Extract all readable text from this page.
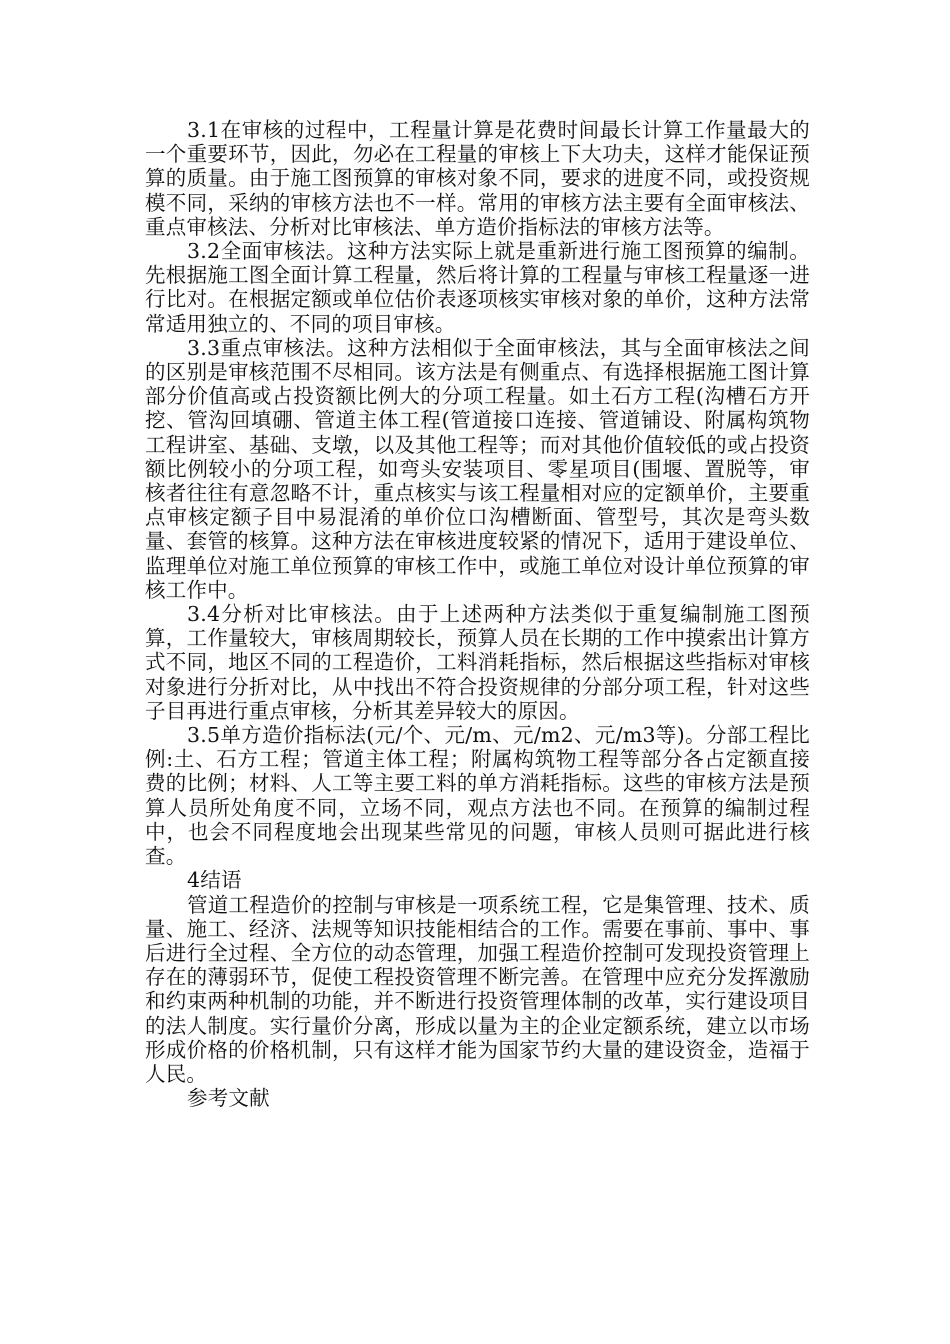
3.1在审核的过程中，工程量计算是花费时间最长计算工作量最大的一个重要环节，因此，勿必在工程量的审核上下大功夫，这样才能保证预算的质量。由于施工图预算的审核对象不同，要求的进度不同，或投资规模不同，采纳的审核方法也不一样。常用的审核方法主要有全面审核法、重点审核法、分析对比审核法、单方造价指标法的审核方法等。

3.2全面审核法。这种方法实际上就是重新进行施工图预算的编制。先根据施工图全面计算工程量，然后将计算的工程量与审核工程量逐一进行比对。在根据定额或单位估价表逐项核实审核对象的单价，这种方法常常适用独立的、不同的项目审核。

3.3重点审核法。这种方法相似于全面审核法，其与全面审核法之间的区别是审核范围不尽相同。该方法是有侧重点、有选择根据施工图计算部分价值高或占投资额比例大的分项工程量。如土石方工程(沟槽石方开挖、管沟回填硼、管道主体工程(管道接口连接、管道铺设、附属构筑物工程讲室、基础、支墩，以及其他工程等；而对其他价值较低的或占投资额比例较小的分项工程，如弯头安装项目、零星项目(围堰、置脱等，审核者往往有意忽略不计，重点核实与该工程量相对应的定额单价，主要重点审核定额子目中易混淆的单价位口沟槽断面、管型号，其次是弯头数量、套管的核算。这种方法在审核进度较紧的情况下，适用于建设单位、监理单位对施工单位预算的审核工作中，或施工单位对设计单位预算的审核工作中。

3.4分析对比审核法。由于上述两种方法类似于重复编制施工图预算，工作量较大，审核周期较长，预算人员在长期的工作中摸索出计算方式不同，地区不同的工程造价，工料消耗指标，然后根据这些指标对审核对象进行分折对比，从中找出不符合投资规律的分部分项工程，针对这些子目再进行重点审核，分析其差异较大的原因。

3.5单方造价指标法(元/个、元/m、元/m2、元/m3等)。分部工程比例:土、石方工程；管道主体工程；附属构筑物工程等部分各占定额直接费的比例；材料、人工等主要工料的单方消耗指标。这些的审核方法是预算人员所处角度不同，立场不同，观点方法也不同。在预算的编制过程中，也会不同程度地会出现某些常见的问题，审核人员则可据此进行核查。

4结语

管道工程造价的控制与审核是一项系统工程，它是集管理、技术、质量、施工、经济、法规等知识技能相结合的工作。需要在事前、事中、事后进行全过程、全方位的动态管理，加强工程造价控制可发现投资管理上存在的薄弱环节，促使工程投资管理不断完善。在管理中应充分发挥激励和约束两种机制的功能，并不断进行投资管理体制的改革，实行建设项目的法人制度。实行量价分离，形成以量为主的企业定额系统，建立以市场形成价格的价格机制，只有这样才能为国家节约大量的建设资金，造福于人民。

参考文献
